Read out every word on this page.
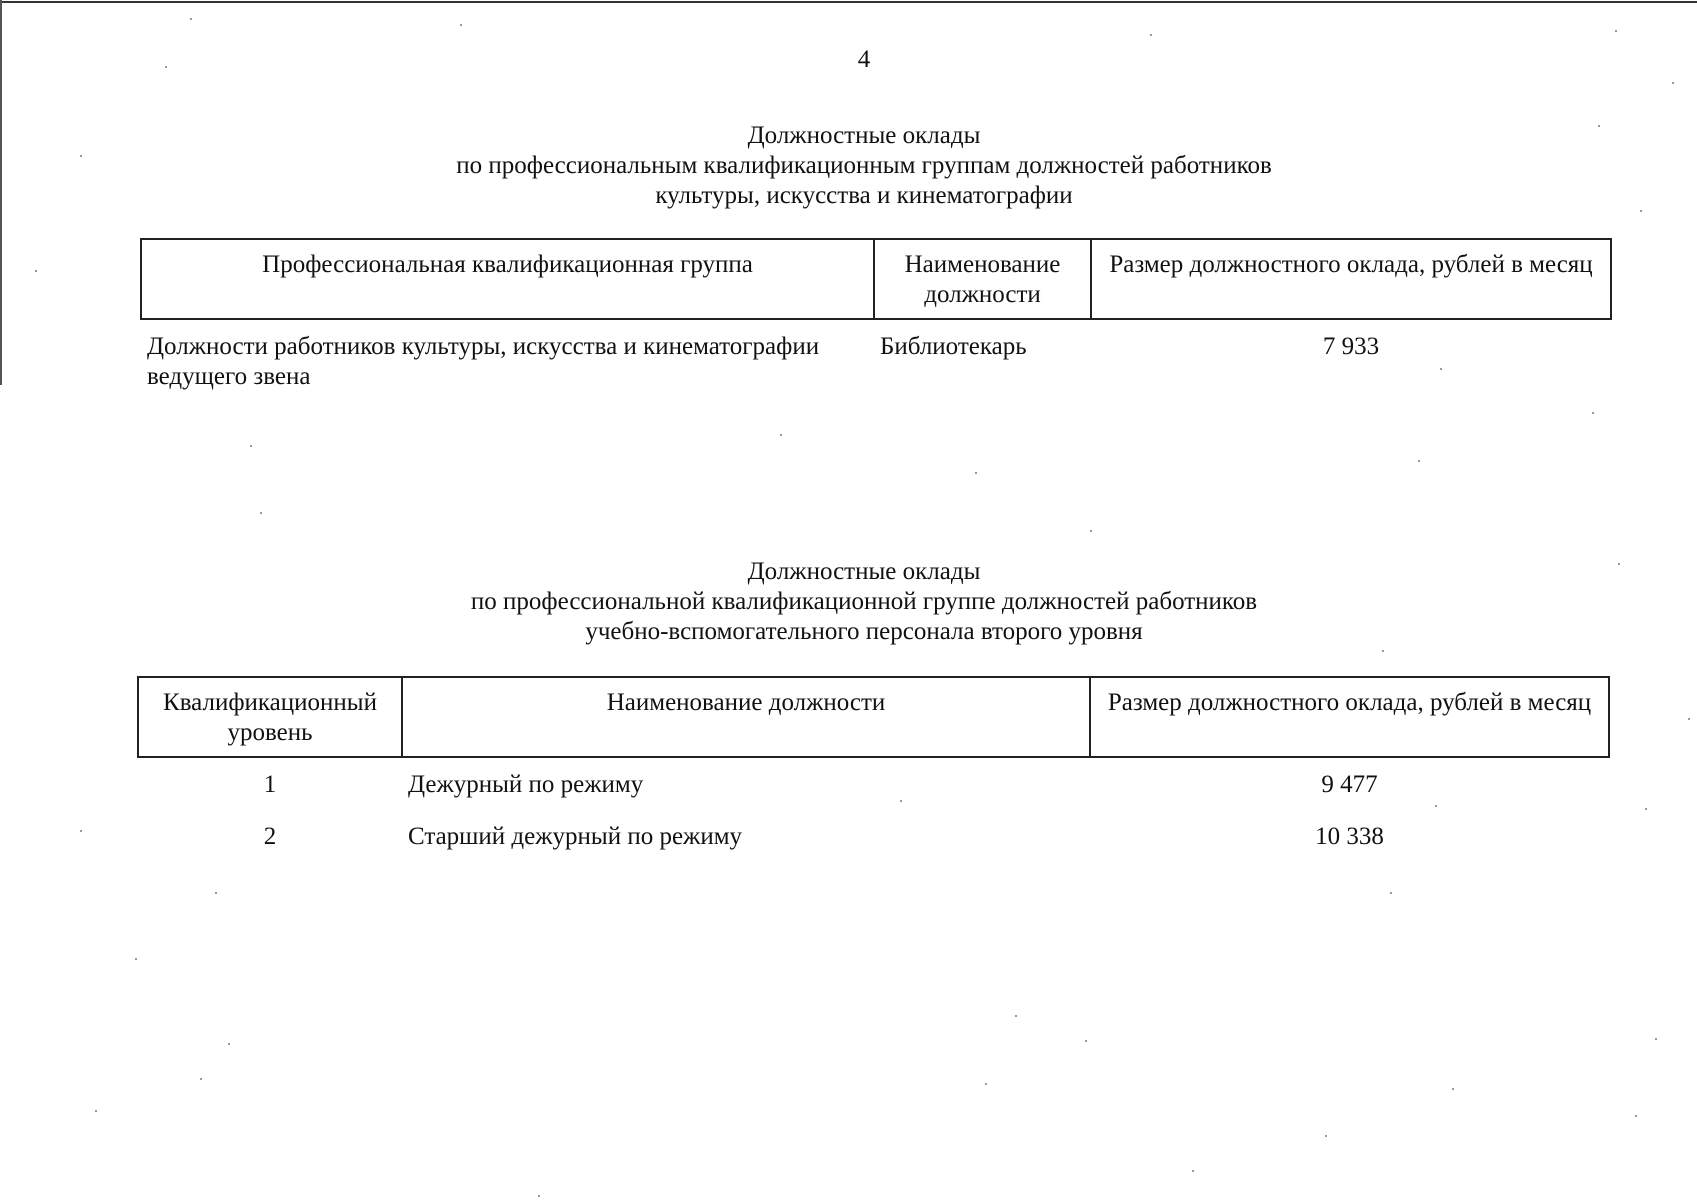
4
Должностные оклады
по профессиональным квалификационным группам должностей работников
культуры, искусства и кинематографии
Профессиональная квалификационная группа	Наименование должности	Размер должностного оклада, рублей в месяц
Должности работников культуры, искусства и кинематографии ведущего звена	Библиотекарь	7 933
Должностные оклады
по профессиональной квалификационной группе должностей работников
учебно-вспомогательного персонала второго уровня
Квалификационный уровень	Наименование должности	Размер должностного оклада, рублей в месяц
1	Дежурный по режиму	9 477
2	Старший дежурный по режиму	10 338
